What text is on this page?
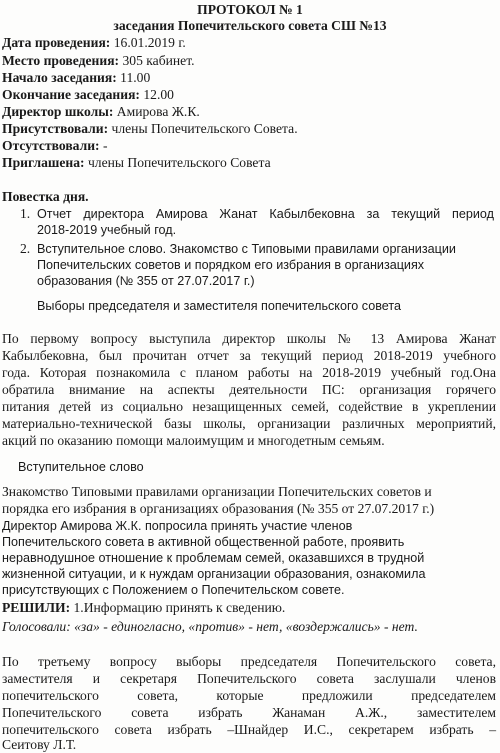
ПРОТОКОЛ № 1
заседания Попечительского совета СШ №13
Дата проведения: 16.01.2019 г.
Место проведения: 305 кабинет.
Начало заседания: 11.00
Окончание заседания: 12.00
Директор школы: Амирова Ж.К.
Присутствовали: члены Попечительского Совета.
Отсутствовали: -
Приглашена: члены Попечительского Совета
Повестка дня.
1. Отчет директора Амирова Жанат Кабылбековна за текущий период
2018-2019 учебный год.
2. Вступительное слово. Знакомство с Типовыми правилами организации
Попечительских советов и порядком его избрания в организациях
образования (№ 355 от 27.07.2017 г.)
Выборы председателя и заместителя попечительского совета
По первому вопросу выступила директор школы № 13 Амирова Жанат
Кабылбековна, был прочитан отчет за текущий период 2018-2019 учебного
года. Которая познакомила с планом работы на 2018-2019 учебный год.Она
обратила внимание на аспекты деятельности ПС: организация горячего
питания детей из социально незащищенных семей, содействие в укреплении
материально-технической базы школы, организации различных мероприятий,
акций по оказанию помощи малоимущим и многодетным семьям.
Вступительное слово
Знакомство Типовыми правилами организации Попечительских советов и
порядка его избрания в организациях образования (№ 355 от 27.07.2017 г.)
Директор Амирова Ж.К. попросила принять участие членов
Попечительского совета в активной общественной работе, проявить
неравнодушное отношение к проблемам семей, оказавшихся в трудной
жизненной ситуации, и к нуждам организации образования, ознакомила
присутствующих с Положением о Попечительском совете.
РЕШИЛИ: 1.Информацию принять к сведению.
Голосовали: «за» - единогласно, «против» - нет, «воздержались» - нет.
По третьему вопросу выборы председателя Попечительского совета,
заместителя и секретаря Попечительского совета заслушали членов
попечительского совета, которые предложили председателем
Попечительского совета избрать Жанаман А.Ж., заместителем
попечительского совета избрать –Шнайдер И.С., секретарем избрать –
Сеитову Л.Т.
